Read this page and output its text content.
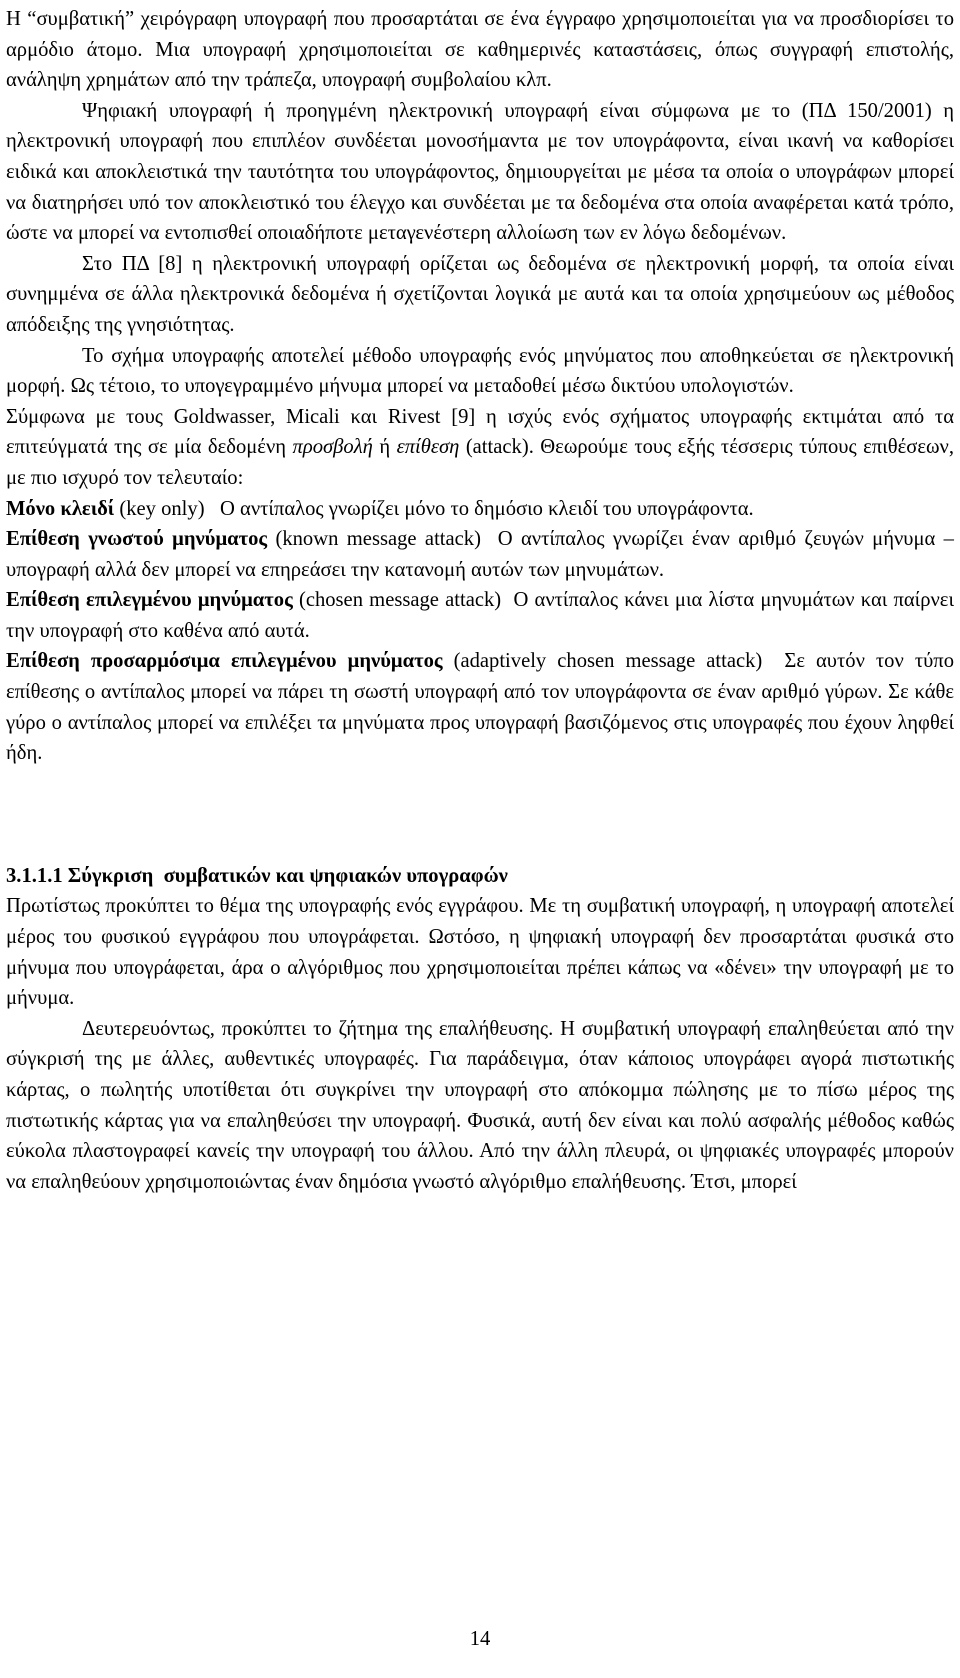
Η “συμβατική” χειρόγραφη υπογραφή που προσαρτάται σε ένα έγγραφο χρησιμοποιείται για να προσδιορίσει το αρμόδιο άτομο. Μια υπογραφή χρησιμοποιείται σε καθημερινές καταστάσεις, όπως συγγραφή επιστολής, ανάληψη χρημάτων από την τράπεζα, υπογραφή συμβολαίου κλπ.

Ψηφιακή υπογραφή ή προηγμένη ηλεκτρονική υπογραφή είναι σύμφωνα με το (ΠΔ 150/2001) η ηλεκτρονική υπογραφή που επιπλέον συνδέεται μονοσήμαντα με τον υπογράφοντα, είναι ικανή να καθορίσει ειδικά και αποκλειστικά την ταυτότητα του υπογράφοντος, δημιουργείται με μέσα τα οποία ο υπογράφων μπορεί να διατηρήσει υπό τον αποκλειστικό του έλεγχο και συνδέεται με τα δεδομένα στα οποία αναφέρεται κατά τρόπο, ώστε να μπορεί να εντοπισθεί οποιαδήποτε μεταγενέστερη αλλοίωση των εν λόγω δεδομένων.

Στο ΠΔ [8] η ηλεκτρονική υπογραφή ορίζεται ως δεδομένα σε ηλεκτρονική μορφή, τα οποία είναι συνημμένα σε άλλα ηλεκτρονικά δεδομένα ή σχετίζονται λογικά με αυτά και τα οποία χρησιμεύουν ως μέθοδος απόδειξης της γνησιότητας.

Το σχήμα υπογραφής αποτελεί μέθοδο υπογραφής ενός μηνύματος που αποθηκεύεται σε ηλεκτρονική μορφή. Ως τέτοιο, το υπογεγραμμένο μήνυμα μπορεί να μεταδοθεί μέσω δικτύου υπολογιστών.

Σύμφωνα με τους Goldwasser, Micali και Rivest [9] η ισχύς ενός σχήματος υπογραφής εκτιμάται από τα επιτεύγματά της σε μία δεδομένη προσβολή ή επίθεση (attack). Θεωρούμε τους εξής τέσσερις τύπους επιθέσεων, με πιο ισχυρό τον τελευταίο:

Μόνο κλειδί (key only)   Ο αντίπαλος γνωρίζει μόνο το δημόσιο κλειδί του υπογράφοντα.

Επίθεση γνωστού μηνύματος (known message attack)  Ο αντίπαλος γνωρίζει έναν αριθμό ζευγών μήνυμα – υπογραφή αλλά δεν μπορεί να επηρεάσει την κατανομή αυτών των μηνυμάτων.

Επίθεση επιλεγμένου μηνύματος (chosen message attack)  Ο αντίπαλος κάνει μια λίστα μηνυμάτων και παίρνει την υπογραφή στο καθένα από αυτά.

Επίθεση προσαρμόσιμα επιλεγμένου μηνύματος (adaptively chosen message attack)  Σε αυτόν τον τύπο επίθεσης ο αντίπαλος μπορεί να πάρει τη σωστή υπογραφή από τον υπογράφοντα σε έναν αριθμό γύρων. Σε κάθε γύρο ο αντίπαλος μπορεί να επιλέξει τα μηνύματα προς υπογραφή βασιζόμενος στις υπογραφές που έχουν ληφθεί ήδη.

3.1.1.1 Σύγκριση  συμβατικών και ψηφιακών υπογραφών

Πρωτίστως προκύπτει το θέμα της υπογραφής ενός εγγράφου. Με τη συμβατική υπογραφή, η υπογραφή αποτελεί μέρος του φυσικού εγγράφου που υπογράφεται. Ωστόσο, η ψηφιακή υπογραφή δεν προσαρτάται φυσικά στο μήνυμα που υπογράφεται, άρα ο αλγόριθμος που χρησιμοποιείται πρέπει κάπως να «δένει» την υπογραφή με το μήνυμα.

Δευτερευόντως, προκύπτει το ζήτημα της επαλήθευσης. Η συμβατική υπογραφή επαληθεύεται από την σύγκρισή της με άλλες, αυθεντικές υπογραφές. Για παράδειγμα, όταν κάποιος υπογράφει αγορά πιστωτικής κάρτας, ο πωλητής υποτίθεται ότι συγκρίνει την υπογραφή στο απόκομμα πώλησης με το πίσω μέρος της πιστωτικής κάρτας για να επαληθεύσει την υπογραφή. Φυσικά, αυτή δεν είναι και πολύ ασφαλής μέθοδος καθώς εύκολα πλαστογραφεί κανείς την υπογραφή του άλλου. Από την άλλη πλευρά, οι ψηφιακές υπογραφές μπορούν να επαληθεύουν χρησιμοποιώντας έναν δημόσια γνωστό αλγόριθμο επαλήθευσης. Έτσι, μπορεί

14
